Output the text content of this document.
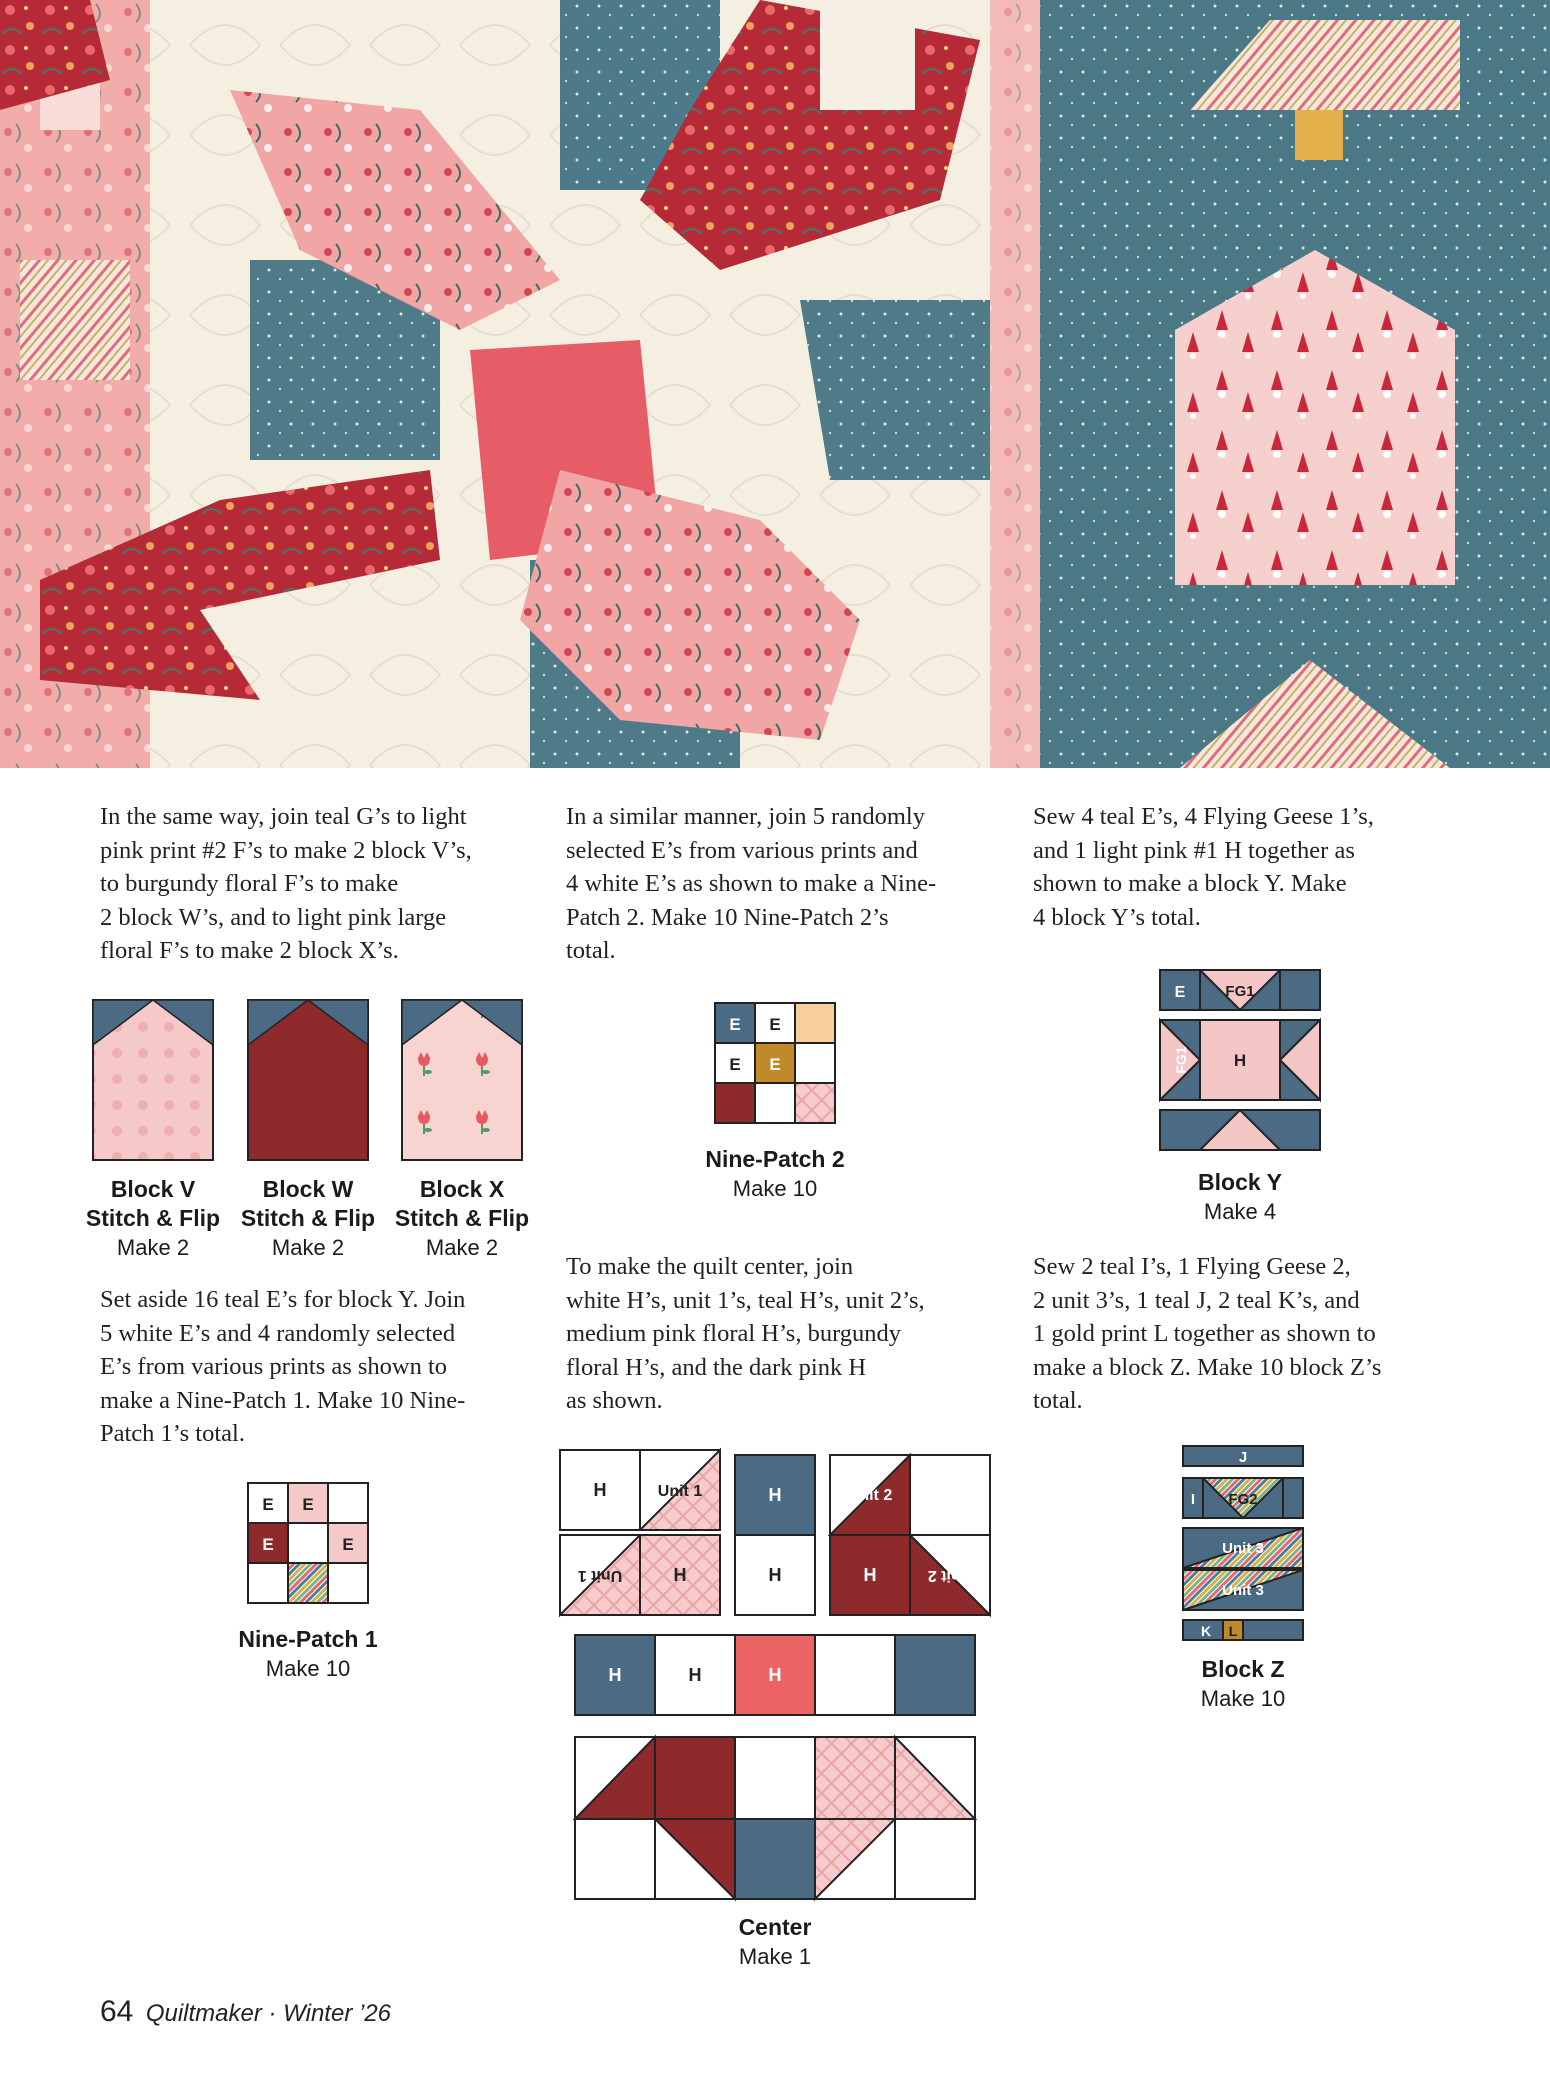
In the same way, join teal G’s to light
pink print #2 F’s to make 2 block V’s,
to burgundy floral F’s to make
2 block W’s, and to light pink large
floral F’s to make 2 block X’s.
In a similar manner, join 5 randomly
selected E’s from various prints and
4 white E’s as shown to make a Nine-
Patch 2. Make 10 Nine-Patch 2’s
total.
Sew 4 teal E’s, 4 Flying Geese 1’s,
and 1 light pink #1 H together as
shown to make a block Y. Make
4 block Y’s total.
Set aside 16 teal E’s for block Y. Join
5 white E’s and 4 randomly selected
E’s from various prints as shown to
make a Nine-Patch 1. Make 10 Nine-
Patch 1’s total.
To make the quilt center, join
white H’s, unit 1’s, teal H’s, unit 2’s,
medium pink floral H’s, burgundy
floral H’s, and the dark pink H
as shown.
Sew 2 teal I’s, 1 Flying Geese 2,
2 unit 3’s, 1 teal J, 2 teal K’s, and
1 gold print L together as shown to
make a block Z. Make 10 block Z’s
total.
E E
E	E
E E
E E
E	FG1
H
FG1
H	Unit 1
Unit 1	H
H
H
Unit 2
H	Unit 2
H	H	H
J
I FG2
Unit 3
Unit 3
K L
Block V
Stitch & Flip
Make 2
Block W
Stitch & Flip
Make 2
Block X
Stitch & Flip
Make 2
Nine-Patch 1
Make 10
Nine-Patch 2
Make 10	Block Y
Make 4
Center
Make 1
Block Z
Make 10
64 Quiltmaker · Winter ’26
